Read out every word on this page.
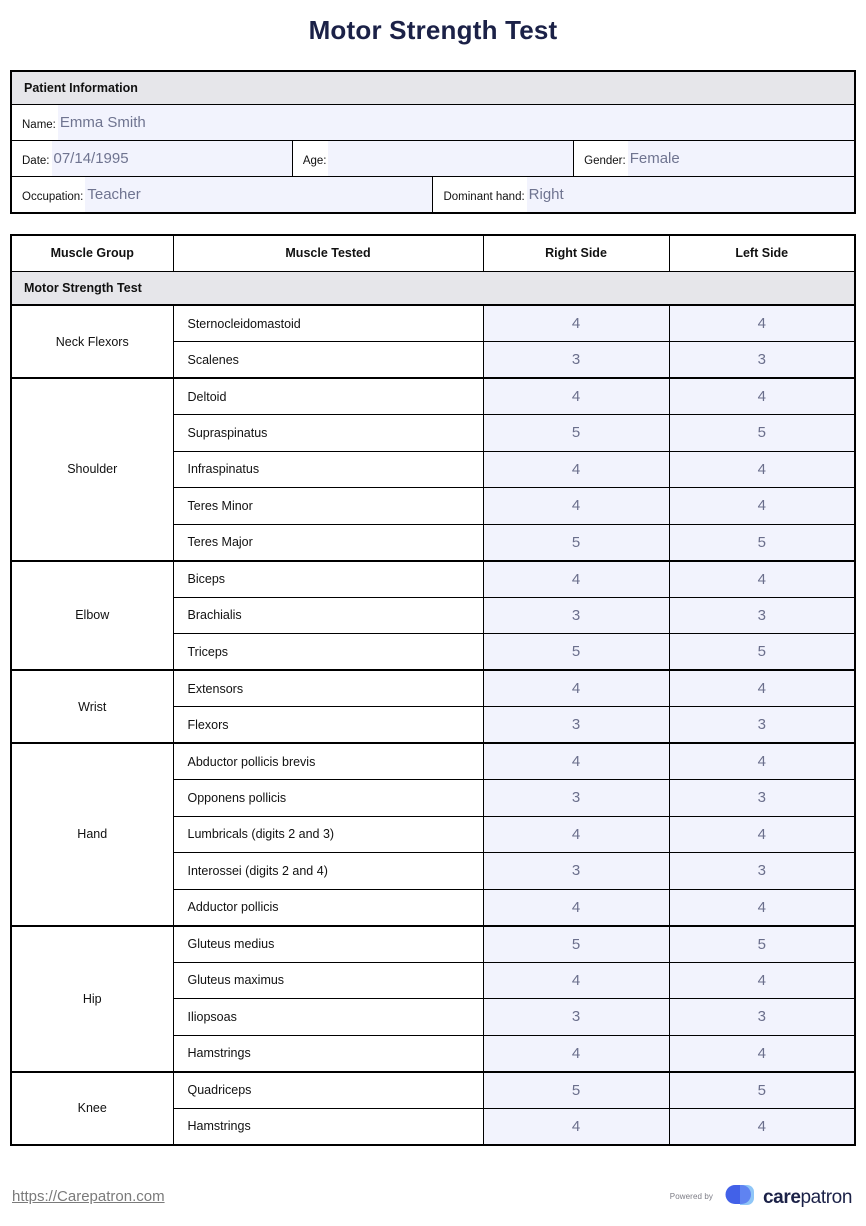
Motor Strength Test
Patient Information			

Name: Emma Smith			

Date: 07/14/1995	Age:		Gender: Female

Occupation: Teacher		Dominant hand: Right	
Motor Strength Test			
Muscle Group	Muscle Tested	Right Side	Left Side
Neck Flexors	Sternocleidomastoid	4	4
	Scalenes	3	3
Shoulder	Deltoid	4	4
	Supraspinatus	5	5
	Infraspinatus	4	4
	Teres Minor	4	4
	Teres Major	5	5
Elbow	Biceps	4	4
	Brachialis	3	3
	Triceps	5	5
Wrist	Extensors	4	4
	Flexors	3	3
Hand	Abductor pollicis brevis	4	4
	Opponens pollicis	3	3
	Lumbricals (digits 2 and 3)	4	4
	Interossei (digits 2 and 4)	3	3
	Adductor pollicis	4	4
Hip	Gluteus medius	5	5
	Gluteus maximus	4	4
	Iliopsoas	3	3
	Hamstrings	4	4
Knee	Quadriceps	5	5
	Hamstrings	4	4
https://Carepatron.com	Powered by	carepatron
